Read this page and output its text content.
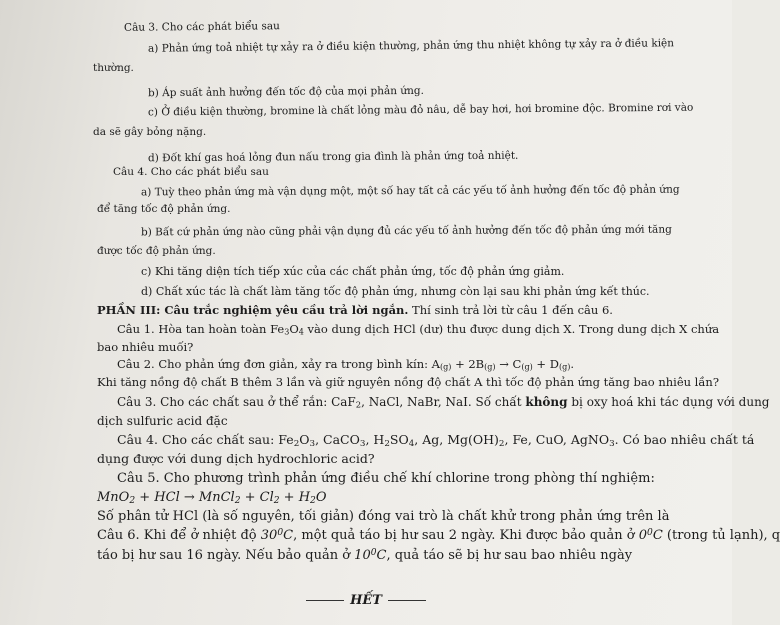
Câu 3. Cho các phát biểu sau
a) Phản ứng toả nhiệt tự xảy ra ở điều kiện thường, phản ứng thu nhiệt không tự xảy ra ở điều kiện
thường.
b) Áp suất ảnh hưởng đến tốc độ của mọi phản ứng.
c) Ở điều kiện thường, bromine là chất lỏng màu đỏ nâu, dễ bay hơi, hơi bromine độc. Bromine rơi vào
da sẽ gây bỏng nặng.
d) Đốt khí gas hoá lỏng đun nấu trong gia đình là phản ứng toả nhiệt.
Câu 4. Cho các phát biểu sau
a) Tuỳ theo phản ứng mà vận dụng một, một số hay tất cả các yếu tố ảnh hưởng đến tốc độ phản ứng
để tăng tốc độ phản ứng.
b) Bất cứ phản ứng nào cũng phải vận dụng đủ các yếu tố ảnh hưởng đến tốc độ phản ứng mới tăng
được tốc độ phản ứng.
c) Khi tăng diện tích tiếp xúc của các chất phản ứng, tốc độ phản ứng giảm.
d) Chất xúc tác là chất làm tăng tốc độ phản ứng, nhưng còn lại sau khi phản ứng kết thúc.
PHẦN III: Câu trắc nghiệm yêu cầu trả lời ngắn. Thí sinh trả lời từ câu 1 đến câu 6.
Câu 1. Hòa tan hoàn toàn $Fe_3O_4$ vào dung dịch HCl (dư) thu được dung dịch X. Trong dung dịch X chứa
bao nhiêu muối?
Câu 2. Cho phản ứng đơn giản, xảy ra trong bình kín: $A_{(g)} + 2B_{(g)} \to C_{(g)} + D_{(g)}$.
Khi tăng nồng độ chất B thêm 3 lần và giữ nguyên nồng độ chất A thì tốc độ phản ứng tăng bao nhiêu lần?
Câu 3. Cho các chất sau ở thể rắn: CaF$_2$, NaCl, NaBr, NaI. Số chất không bị oxy hoá khi tác dụng với dung
dịch sulfuric acid đặc
Câu 4. Cho các chất sau: $Fe_2O_3$, CaCO$_3$, $H_2SO_4$, Ag, $Mg(OH)_2$, Fe, CuO, AgNO$_3$. Có bao nhiêu chất tá
dụng được với dung dịch hydrochloric acid?
Câu 5. Cho phương trình phản ứng điều chế khí chlorine trong phòng thí nghiệm:
MnO$_2$ + HCl → MnCl$_2$ + $Cl_2 + H_2O$
Số phân tử HCl (là số nguyên, tối giản) đóng vai trò là chất khử trong phản ứng trên là
Câu 6. Khi để ở nhiệt độ $30^0C$, một quả táo bị hư sau 2 ngày. Khi được bảo quản ở $0^0C$ (trong tủ lạnh), q
táo bị hư sau 16 ngày. Nếu bảo quản ở $10^0C$, quả táo sẽ bị hư sau bao nhiêu ngày
HẾT
